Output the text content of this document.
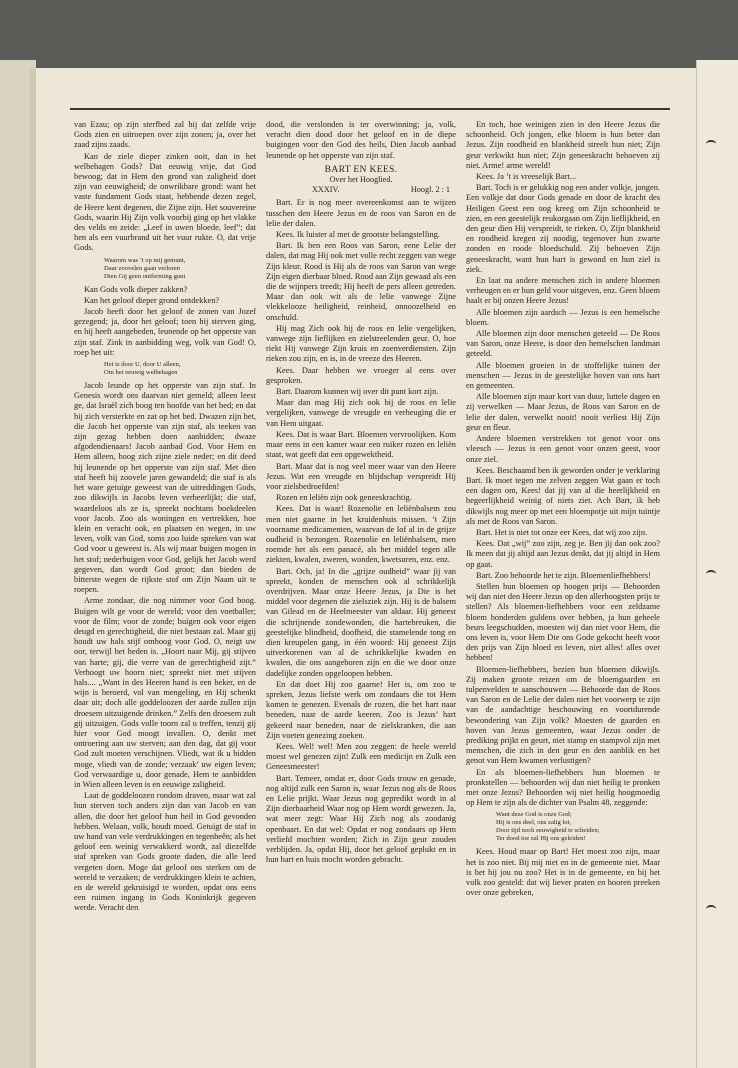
van Ezau; op zijn sterfbed zal hij dat zelfde vrije Gods zien en uitroepen over zijn zonen; ja, over het zaad zijns zaads.

Kan de ziele dieper zinken ooit, dan in het welbehagen Gods? Dat eeuwig vrije, dat God bewoog; dat in Hem den grond van zaligheid doet zijn van eeuwigheid; de onwrikbare grond: want het vaste fundament Gods staat, hebbende dezen zegel, de Heere kent degenen, die Zijne zijn. Het souvereine Gods, waarin Hij Zijn volk voorbij ging op het vlakke des velds en zeide: „Leef in uwen bloede, leef”; dat hen als een vuurbrand uit het vuur rukte. O, dat vrije Gods.

Waarom was ’t op mij gemunt,
Daar zoovelen gaan verloren
Dien Gij geen ontferming gunt

Kan Gods volk dieper zakken?

Kan het geloof dieper grond ontdekken?

Jacob heeft door het geloof de zonen van Jozef gezegend; ja, door het geloof; toen hij sterven ging, en hij heeft aangebeden, leunende op het opperste van zijn staf. Zink in aanbidding weg, volk van God! O, roep het uit:

Het is door U, door U alleen,
Om het eeuwig welbehagen

Jacob leunde op het opperste van zijn staf. In Genesis wordt ons daarvan niet gemeld; alleen leest ge, dat Israël zich boog ten hoofde van het bed; en dat hij zich versterkte en zat op het bed. Dwazen zijn het, die Jacob het opperste van zijn staf, als teeken van zijn gezag hebben doen aanbidden; dwaze afgodendienaars! Jacob aanbad God. Voor Hem en Hem alleen, boog zich zijne ziele neder; en dit deed hij leunende op het opperste van zijn staf. Met dien staf heeft hij zoovele jaren gewandeld; die staf is als het ware getuige geweest van de uitreddingen Gods, zoo dikwijls in Jacobs leven verheerlijkt; die staf, waardeloos als ze is, spreekt nochtans boekdeelen voor Jacob. Zoo als woningen en vertrekken, hoe klein en veracht ook, en plaatsen en wegen, in uw leven, volk van God, soms zoo luide spreken van wat God voor u geweest is. Als wij maar buigen mogen in het stof; nederbuigen voor God, gelijk het Jacob werd gegeven, dan wordt God groot; dan bieden de bitterste wegen de rijkste stof om Zijn Naam uit te roepen.

Arme zondaar, die nog nimmer voor God boog. Buigen wilt ge voor de wereld; voor den voetballer; voor de film; voor de zonde; buigen ook voor eigen deugd en gerechtigheid, die niet bestaan zal. Maar gij houdt uw hals stijf omhoog voor God. O, neigt uw oor, terwijl het heden is. „Hoort naar Mij, gij stijven van harte; gij, die verre van de gerechtigheid zijt.” Verhoogt uw hoorn niet; spreekt niet met stijven hals.... „Want in des Heeren hand is een beker, en de wijn is beroerd, vol van mengeling, en Hij schenkt daar uit; doch alle goddeloozen der aarde zullen zijn droesem uitzuigende drinken.” Zelfs den droesem zult gij uitzuigen. Gods volle toorn zal u treffen, tenzij gij hier voor God moogt invallen. O, denkt met ontroering aan uw sterven; aan den dag, dat gij voor God zult moeten verschijnen. Vliedt, wat ik u bidden moge, vliedt van de zonde; verzaak’ uw eigen leven; God verwaardige u, door genade, Hem te aanbidden in Wien alleen leven is en eeuwige zaligheid.

Laat de goddeloozen rondom draven, maar wat zal hun sterven toch anders zijn dan van Jacob en van allen, die door het geloof hun heil in God gevonden hebben. Welaan, volk, houdt moed. Getuigt de staf in uw hand van vele verdrukkingen en tegenheên; als het geloof een weinig verwakkerd wordt, zal diezelfde staf spreken van Gods groote daden, die alle leed vergeten doen. Moge dat geloof ons sterken om de wereld te verzaken; de verdrukkingen klein te achten, en de wereld gekruisigd te worden, opdat ons eens een ruimen ingang in Gods Koninkrijk gegeven werde. Veracht den

dood, die verslonden is ter overwinning; ja, volk, veracht dien dood door het geloof en in de diepe buigingen voor den God des heils, Dien Jacob aanbad leunende op het opperste van zijn staf.

BART EN KEES.
Over het Hooglied.
XXXIV.	Hoogl. 2 : 1

Bart. Er is nog meer overeenkomst aan te wijzen tusschen den Heere Jezus en de roos van Saron en de lelie der dalen.

Kees. Ik luister al met de grootste belangstelling.

Bart. Ik ben een Roos van Saron, eene Lelie der dalen, dat mag Hij ook met volle recht zeggen van wege Zijn kleur. Rood is Hij als de roos van Saron van wege Zijn eigen dierbaar bloed. Rood aan Zijn gewaad als een die de wijnpers treedt; Hij heeft de pers alleen getreden. Maar dan ook wit als de lelie vanwege Zijne vlekkelooze heiligheid, reinheid, onnoozelheid en onschuld.

Hij mag Zich ook bij de roos en lelie vergelijken, vanwege zijn lieflijken en zielstreelenden geur. O, hoe riekt Hij vanwege Zijn kruis en zoenverdiensten. Zijn rieken zou zijn, en is, in de vreeze des Heeren.

Kees. Daar hebben we vroeger al eens over gesproken.

Bart. Daarom kunnen wij over dit punt kort zijn.

Maar dan mag Hij zich ook bij de roos en lelie vergelijken, vanwege de vreugde en verheuging die er van Hem uitgaat.

Kees. Dat is waar Bart. Bloemen vervroolijken. Kom maar eens in een kamer waar een ruiker rozen en leliën staat, wat geeft dat een opgewektheid.

Bart. Maar dat is nog veel meer waar van den Heere Jezus. Wat een vreugde en blijdschap verspreidt Hij voor zielsbedroefden!

Rozen en leliën zijn ook geneeskrachtig.

Kees. Dat is waar! Rozenolie en leliënbalsem zou men niet gaarne in het kruidenhuis missen. ’t Zijn voorname medicamenten, waarvan de lof al in de grijze oudheid is bezongen. Rozenolie en leliënbalsem, men roemde het als een panacé, als het middel tegen alle ziekten, kwalen, zweren, wonden, kwetsuren, enz. enz.

Bart. Och, ja! In die „grijze oudheid” waar jij van spreekt, konden de menschen ook al schrikkelijk overdrijven. Maar onze Heere Jezus, ja Die is het middel voor degenen die zielsziek zijn. Hij is de balsem van Gilead en de Heelmeester van aldaar. Hij geneest die schrijnende zondewonden, die hartebreuken, die geestelijke blindheid, doofheid, die stamelende tong en dien kreupelen gang, in één woord: Hij geneest Zijn uitverkorenen van al de schrikkelijke kwaden en kwalen, die ons aangeboren zijn en die we door onze dadelijke zonden opgeloopen hebben.

En dat doet Hij zoo gaarne! Het is, om zoo te spreken, Jezus liefste werk om zondaars die tot Hem komen te genezen. Evenals de rozen, die het hart naar beneden, naar de aarde keeren. Zoo is Jezus’ hart gekeerd naar beneden, naar de zielskranken, die aan Zijn voeten genezing zoeken.

Kees. Wel! wel! Men zou zeggen: de heele wereld moest wel genezen zijn! Zulk een medicijn en Zulk een Geneesmeester!

Bart. Temeer, omdat er, door Gods trouw en genade, nog altijd zulk een Saron is, waar Jezus nog als de Roos en Lelie prijkt. Waar Jezus nog gepredikt wordt in al Zijn dierbaarheid Waar nog op Hem wordt gewezen. Ja, wat meer zegt: Waar Hij Zich nog als zoodanig openbaart. En dat wel: Opdat er nog zondaars op Hem verliefd mochten worden; Zich in Zijn geur zouden verblijden. Ja, opdat Hij, door het geloof geplukt en in hun hart en huis mocht worden gebracht.

En toch, hoe weinigen zien in den Heere Jezus die schoonheid. Och jongen, elke bloem is hun beter dan Jezus. Zijn roodheid en blankheid streelt hun niet; Zijn geur verkwikt hun niet; Zijn geneeskracht behoeven zij niet. Arme! arme wereld!

Kees. Ja ’t is vreeselijk Bart...

Bart. Toch is er gelukkig nog een ander volkje, jongen. Een volkje dat door Gods genade en door de kracht des Heiligen Geest een oog kreeg om Zijn schoonheid te zien, en een geestelijk reukorgaan om Zijn lieflijkheid, en den geur dien Hij verspreidt, te rieken. O, Zijn blankheid en roodheid kregen zij noodig, tegenover hun zwarte zonden en roode bloedschuld. Zij behoeven Zijn geneeskracht, want hun hart is gewond en hun ziel is ziek.

En laat nu andere menschen zich in andere bloemen verheugen en er hun geld voor uitgeven, enz. Geen bloem haalt er bij onzen Heere Jezus!

Alle bloemen zijn aardsch — Jezus is een hemelsche bloem.

Alle bloemen zijn door menschen geteeld — De Roos van Saron, onze Heere, is door den hemelschen landman geteeld.

Alle bloemen groeien in de stoffelijke tuinen der menschen — Jezus in de geestelijke hoven van ons hart en gemeenten.

Alle bloemen zijn maar kort van duur, luttele dagen en zij verwelken — Maar Jezus, de Roos van Saron en de lelie der dalen, verwelkt nooit! nooit verliest Hij Zijn geur en fleur.

Andere bloemen verstrekken tot genot voor ons vleesch — Jezus is een genot voor onzen geest, voor onze ziel.

Kees. Beschaamd ben ik geworden onder je verklaring Bart. Ik moet tegen me zelven zeggen Wat gaan er toch een dagen om, Kees! dat jij van al die heerlijkheid en begeerlijkheid weinig of niets ziet. Ach Bart, ik heb dikwijls nog meer op met een bloempotje uit mijn tuintje als met de Roos van Saron.

Bart. Het is niet tot onze eer Kees, dat wij zoo zijn.

Kees. Dat „wij” zoo zijn, zeg je. Ben jij dan ook zoo? Ik meen dat jij altijd aan Jezus denkt, dat jij altijd in Hem op gaat.

Bart. Zoo behoorde het te zijn. Bloemenliefhebbers!

Stellen hun bloemen op hoogen prijs — Behoorden wij dan niet den Heere Jezus op den allerhoogsten prijs te stellen? Als bloemen-liefhebbers voor een zeldzame bloem honderden guldens over hebben, ja hun geheele beurs leegschudden, moesten wij dan niet voor Hem, die ons leven is, voor Hem Die ons Gode gekocht heeft voor den prijs van Zijn bloed en leven, niet alles! alles over hebben!

Bloemen-liefhebbers, bezien hun bloemen dikwijls. Zij maken groote reizen om de bloemgaarden en tulpenvelden te aanschouwen — Behoorde dan de Roos van Saron en de Lelie der dalen niet het voorwerp te zijn van de aandachtige beschouwing en voortdurende bewondering van Zijn volk? Moesten de gaarden en hoven van Jezus gemeenten, waar Jezus onder de prediking prijkt en geurt, niet stamp en stampvol zijn met menschen, die zich in den geur en den aanblik en het genot van Hem kwamen verlustigen?

En als bloemen-liefhebbers hun bloemen te pronkstellen — behoorden wij dan niet heilig te pronken met onze Jezus? Behoorden wij niet heilig hoogmoedig op Hem te zijn als de dichter van Psalm 48, zeggende:

Want deze God is onze God;
Hij is ons deel, ons zalig lot,
Door tijd noch eeuwigheid te scheiden;
Ter dood toe zal Hij ons geleiden!

Kees. Houd maar op Bart! Het moest zoo zijn, maar het is zoo niet. Bij mij niet en in de gemeente niet. Maar is het bij jou nu zoo? Het is in de gemeente, en bij het volk zoo gesteld: dat wij liever praten en hooren preeken over onze gebreken,
